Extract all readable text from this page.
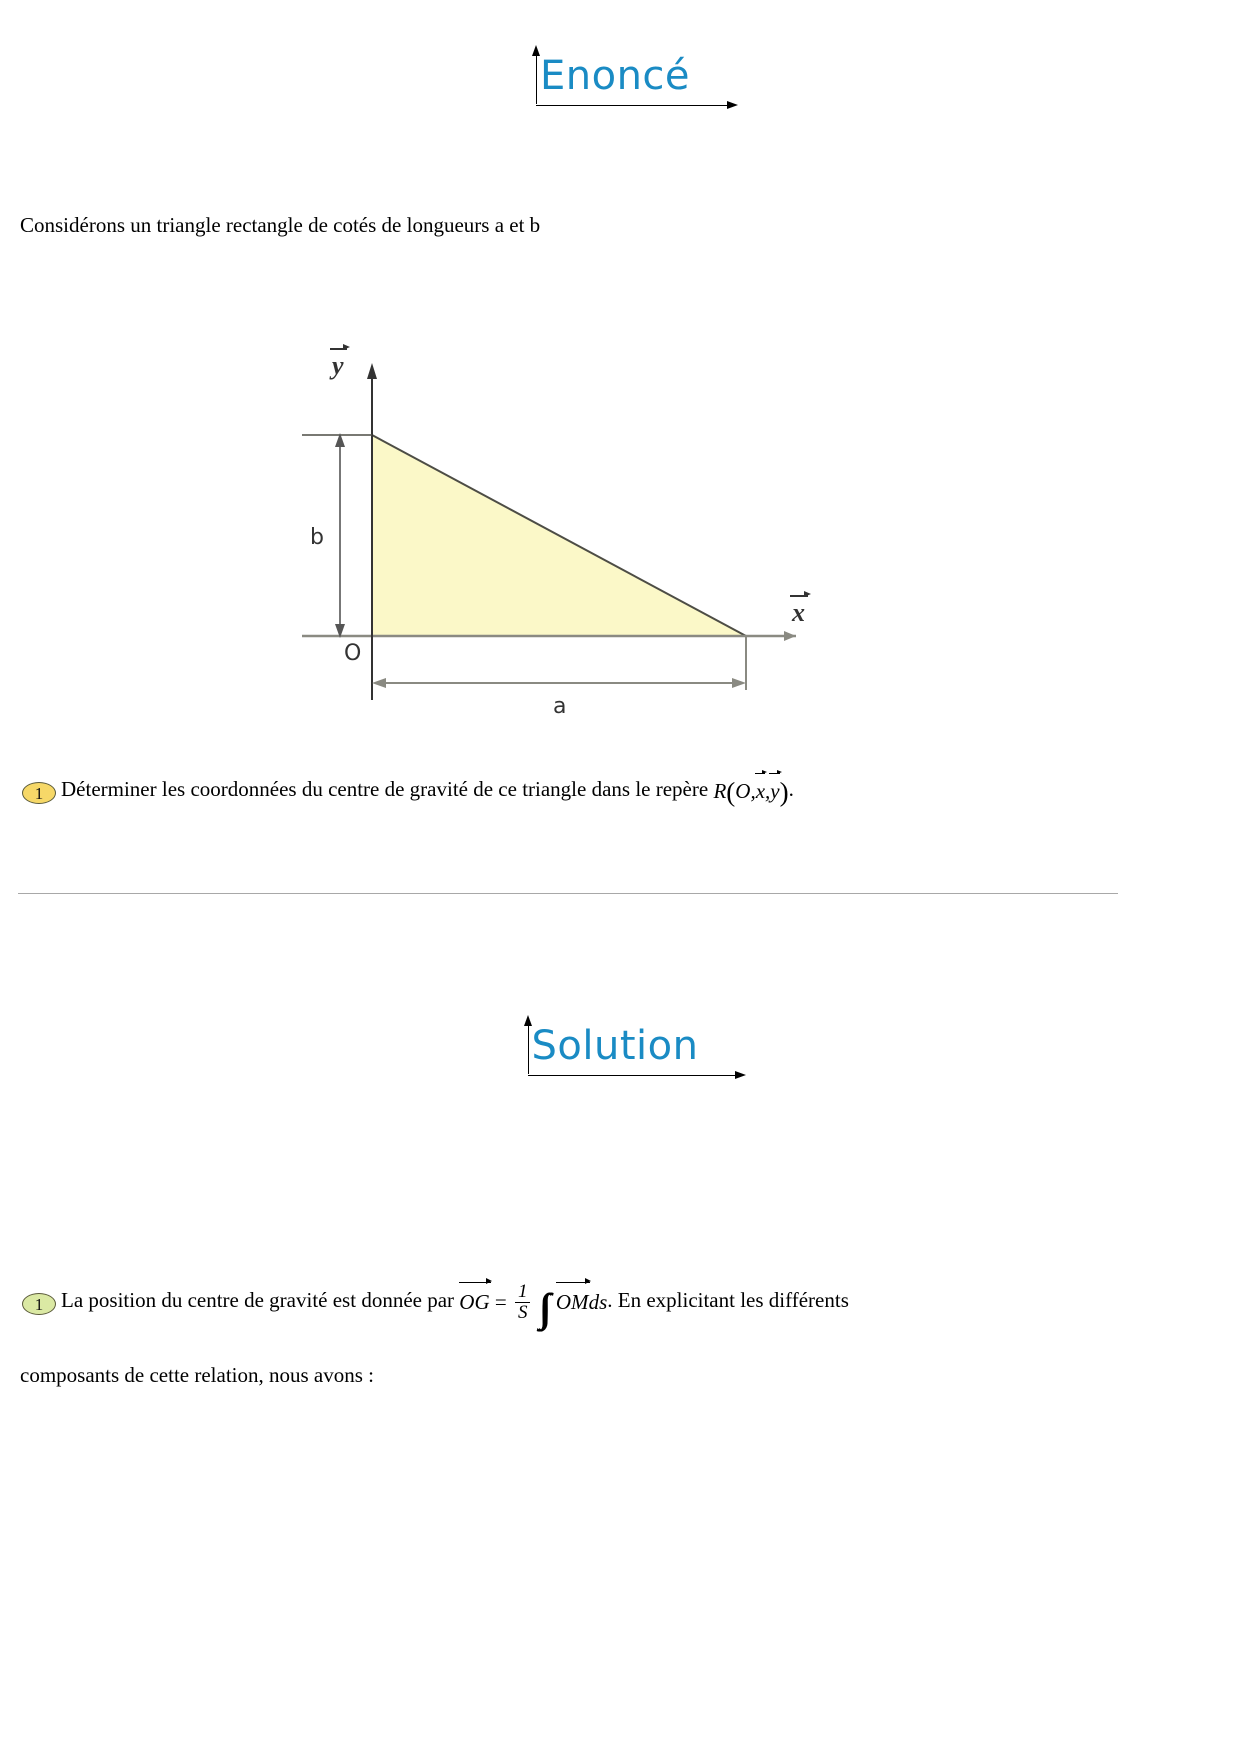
Enoncé
Considérons un triangle rectangle de cotés de longueurs a et b
y
x
b
a
O
1 Déterminer les coordonnées du centre de gravité de ce triangle dans le repère R(O,x,y).
Solution
1 La position du centre de gravité est donnée par OG = $\frac{1}{S}$ ∫∫ OMds. En explicitant les différents
composants de cette relation, nous avons :
